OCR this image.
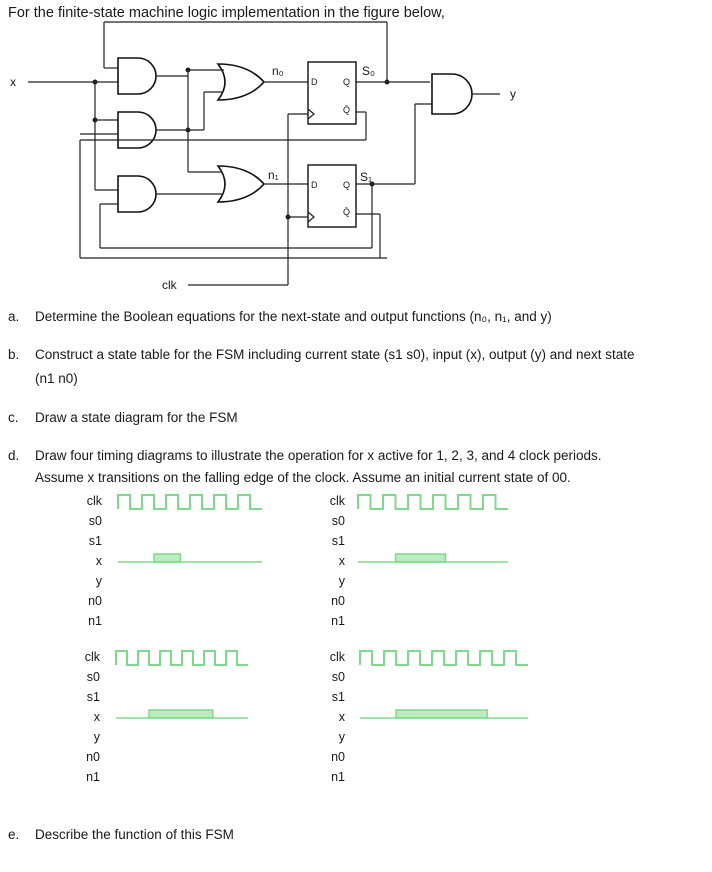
For the finite-state machine logic implementation in the figure below,
x
y
n₀
n₁
S₀
S₁
clk
D	Q
Q̄
D	Q
Q̄
a. Determine the Boolean equations for the next-state and output functions (n₀, n₁, and y)
b. Construct a state table for the FSM including current state (s1 s0), input (x), output (y) and next state
(n1 n0)
c. Draw a state diagram for the FSM
d. Draw four timing diagrams to illustrate the operation for x active for 1, 2, 3, and 4 clock periods.
Assume x transitions on the falling edge of the clock. Assume an initial current state of 00.
e. Describe the function of this FSM
clk
s0
s1
x
y
n0
n1
clk
s0
s1
x
y
n0
n1
clk
s0
s1
x
y
n0
n1
clk
s0
s1
x
y
n0
n1
